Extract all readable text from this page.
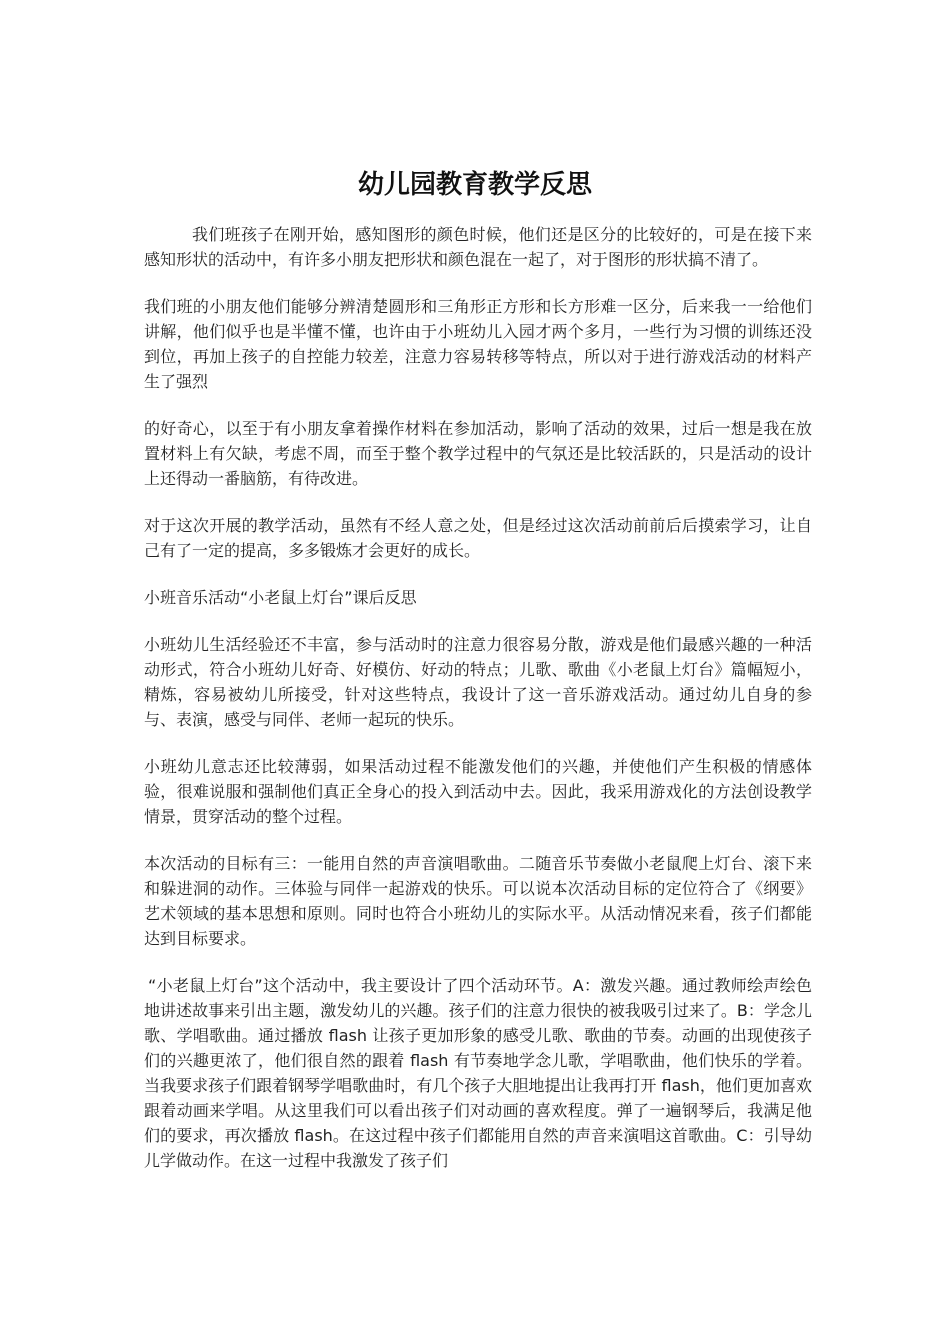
幼儿园教育教学反思

我们班孩子在刚开始，感知图形的颜色时候，他们还是区分的比较好的，可是在接下来感知形状的活动中，有许多小朋友把形状和颜色混在一起了，对于图形的形状搞不清了。

我们班的小朋友他们能够分辨清楚圆形和三角形正方形和长方形难一区分，后来我一一给他们讲解，他们似乎也是半懂不懂，也许由于小班幼儿入园才两个多月，一些行为习惯的训练还没到位，再加上孩子的自控能力较差，注意力容易转移等特点，所以对于进行游戏活动的材料产生了强烈

的好奇心，以至于有小朋友拿着操作材料在参加活动，影响了活动的效果，过后一想是我在放置材料上有欠缺，考虑不周，而至于整个教学过程中的气氛还是比较活跃的，只是活动的设计上还得动一番脑筋，有待改进。

对于这次开展的教学活动，虽然有不经人意之处，但是经过这次活动前前后后摸索学习，让自己有了一定的提高，多多锻炼才会更好的成长。

小班音乐活动“小老鼠上灯台”课后反思

小班幼儿生活经验还不丰富，参与活动时的注意力很容易分散，游戏是他们最感兴趣的一种活动形式，符合小班幼儿好奇、好模仿、好动的特点；儿歌、歌曲《小老鼠上灯台》篇幅短小，精炼，容易被幼儿所接受，针对这些特点，我设计了这一音乐游戏活动。通过幼儿自身的参与、表演，感受与同伴、老师一起玩的快乐。

小班幼儿意志还比较薄弱，如果活动过程不能激发他们的兴趣，并使他们产生积极的情感体验，很难说服和强制他们真正全身心的投入到活动中去。因此，我采用游戏化的方法创设教学情景，贯穿活动的整个过程。

本次活动的目标有三：一能用自然的声音演唱歌曲。二随音乐节奏做小老鼠爬上灯台、滚下来和躲进洞的动作。三体验与同伴一起游戏的快乐。可以说本次活动目标的定位符合了《纲要》艺术领域的基本思想和原则。同时也符合小班幼儿的实际水平。从活动情况来看，孩子们都能达到目标要求。

“小老鼠上灯台”这个活动中，我主要设计了四个活动环节。A：激发兴趣。通过教师绘声绘色地讲述故事来引出主题，激发幼儿的兴趣。孩子们的注意力很快的被我吸引过来了。B：学念儿歌、学唱歌曲。通过播放 flash 让孩子更加形象的感受儿歌、歌曲的节奏。动画的出现使孩子们的兴趣更浓了，他们很自然的跟着 flash 有节奏地学念儿歌，学唱歌曲，他们快乐的学着。当我要求孩子们跟着钢琴学唱歌曲时，有几个孩子大胆地提出让我再打开 flash，他们更加喜欢跟着动画来学唱。从这里我们可以看出孩子们对动画的喜欢程度。弹了一遍钢琴后，我满足他们的要求，再次播放 flash。在这过程中孩子们都能用自然的声音来演唱这首歌曲。C：引导幼儿学做动作。在这一过程中我激发了孩子们
